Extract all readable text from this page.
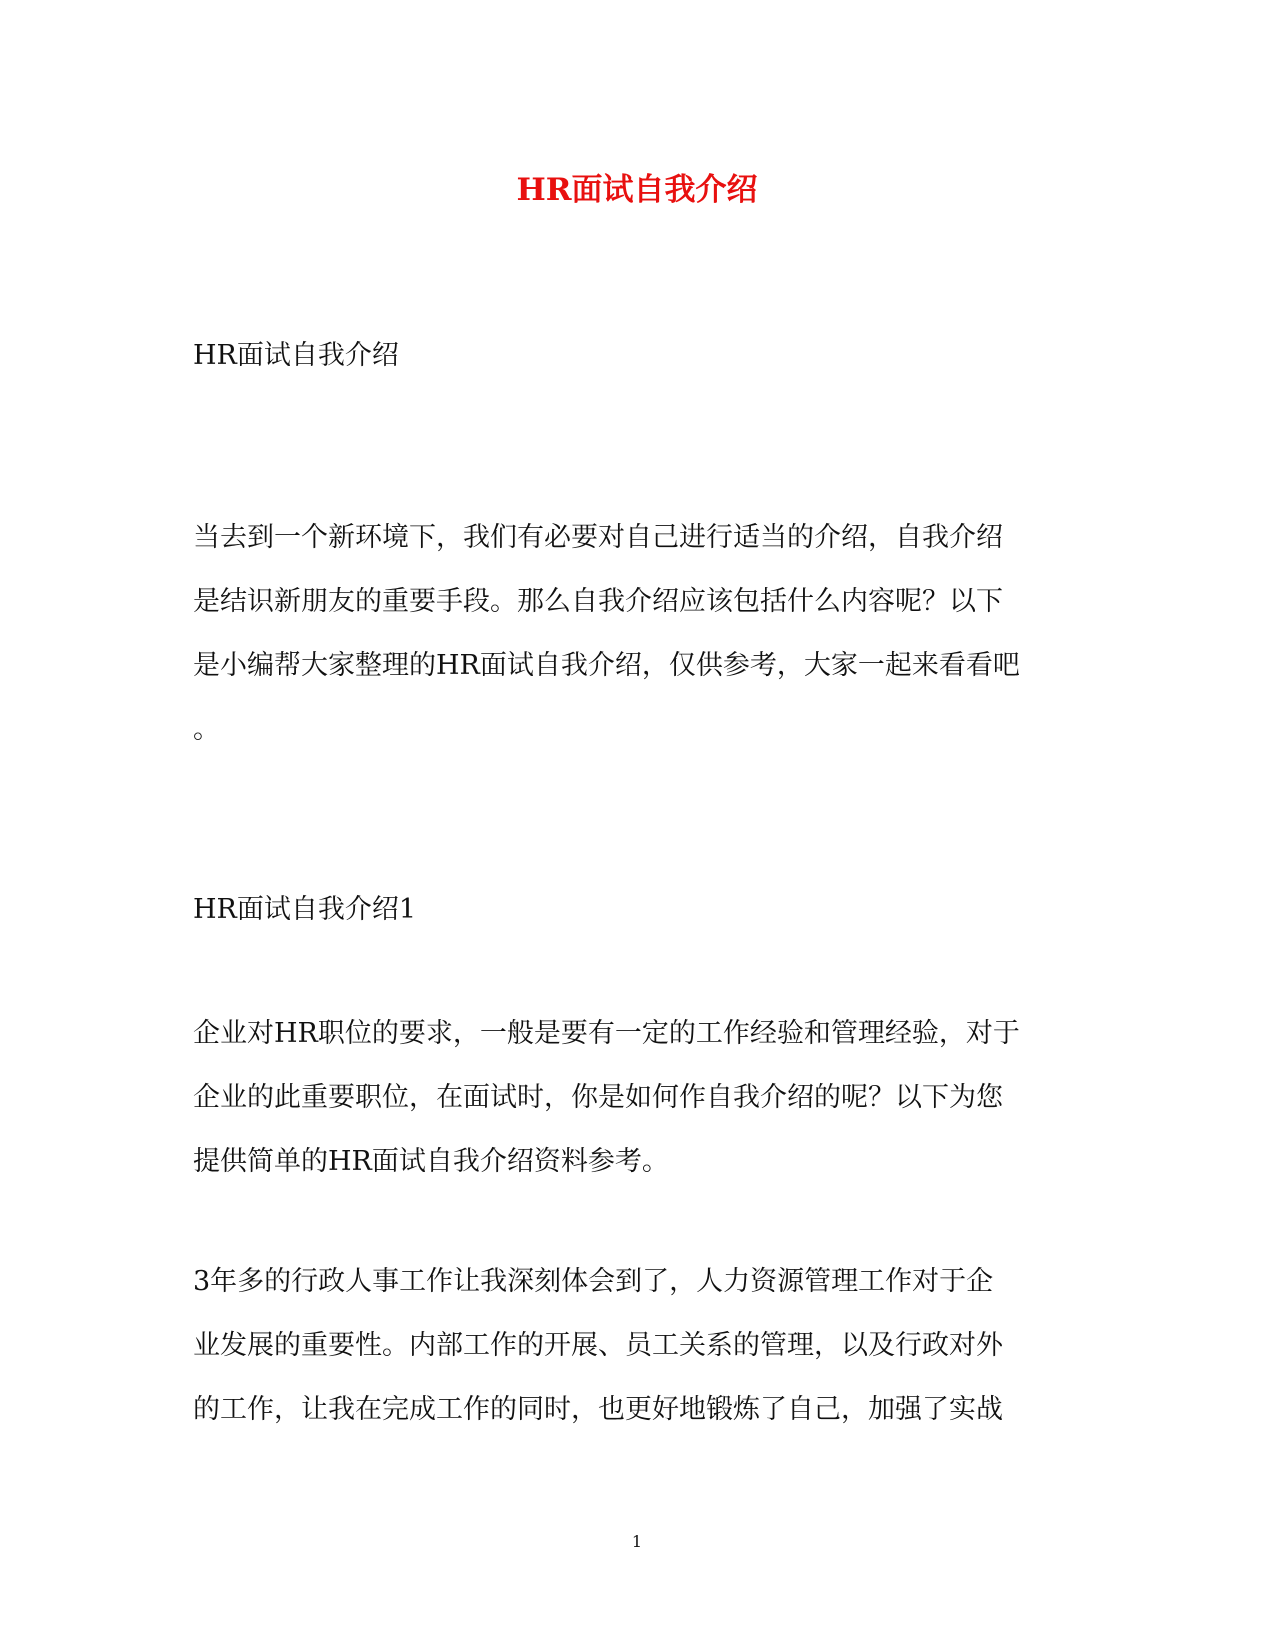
HR面试自我介绍

HR面试自我介绍

当去到一个新环境下，我们有必要对自己进行适当的介绍，自我介绍
是结识新朋友的重要手段。那么自我介绍应该包括什么内容呢？以下
是小编帮大家整理的HR面试自我介绍，仅供参考，大家一起来看看吧
。

HR面试自我介绍1

企业对HR职位的要求，一般是要有一定的工作经验和管理经验，对于
企业的此重要职位，在面试时，你是如何作自我介绍的呢？以下为您
提供简单的HR面试自我介绍资料参考。

3年多的行政人事工作让我深刻体会到了，人力资源管理工作对于企
业发展的重要性。内部工作的开展、员工关系的管理，以及行政对外
的工作，让我在完成工作的同时，也更好地锻炼了自己，加强了实战

1
